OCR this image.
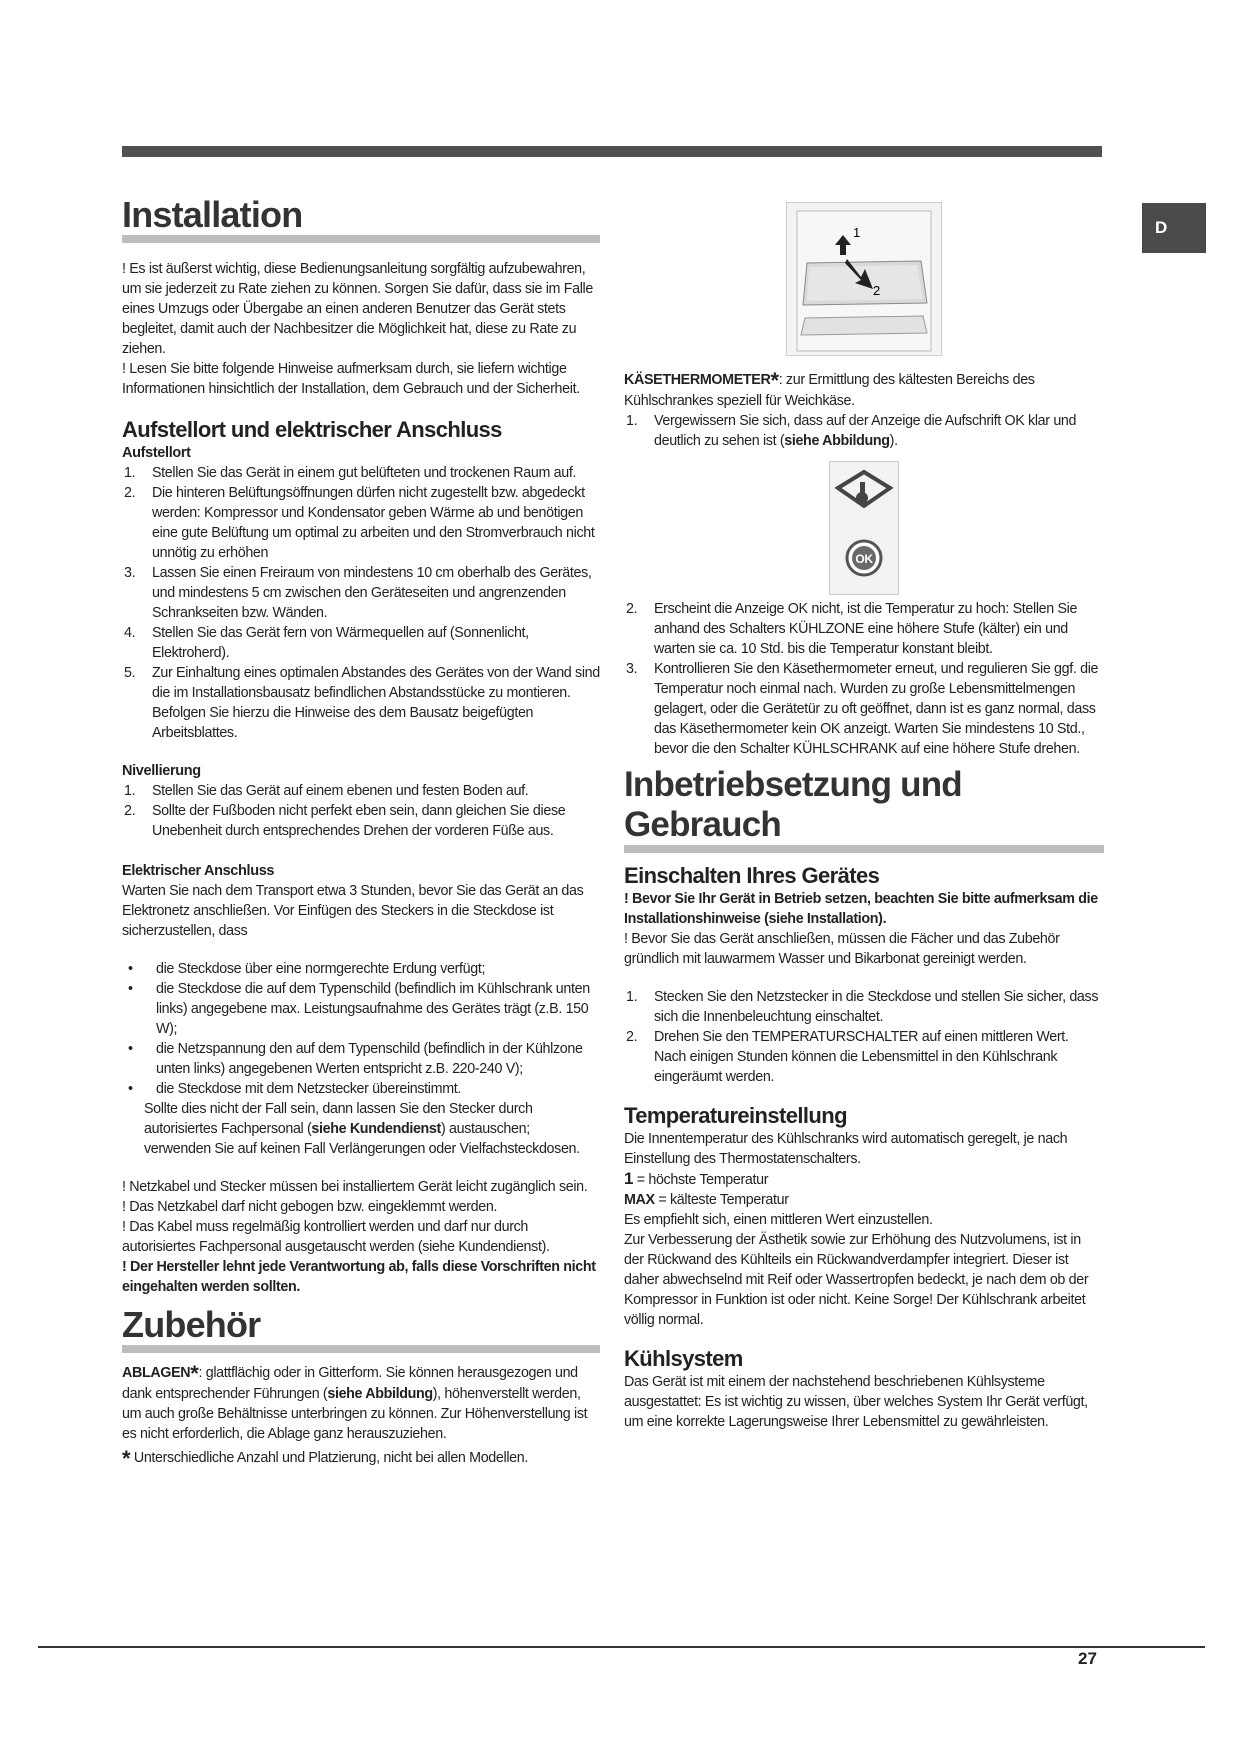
D
Installation

! Es ist äußerst wichtig, diese Bedienungsanleitung sorgfältig aufzubewahren, um sie jederzeit zu Rate ziehen zu können. Sorgen Sie dafür, dass sie im Falle eines Umzugs oder Übergabe an einen anderen Benutzer das Gerät stets begleitet, damit auch der Nachbesitzer die Möglichkeit hat, diese zu Rate zu ziehen.

! Lesen Sie bitte folgende Hinweise aufmerksam durch, sie liefern wichtige Informationen hinsichtlich der Installation, dem Gebrauch und der Sicherheit.

Aufstellort und elektrischer Anschluss

Aufstellort

1.	Stellen Sie das Gerät in einem gut belüfteten und trockenen Raum auf.
2.	Die hinteren Belüftungsöffnungen dürfen nicht zugestellt bzw. abgedeckt werden: Kompressor und Kondensator geben Wärme ab und benötigen eine gute Belüftung um optimal zu arbeiten und den Stromverbrauch nicht unnötig zu erhöhen
3.	Lassen Sie einen Freiraum von mindestens 10 cm oberhalb des Gerätes, und mindestens 5 cm zwischen den Geräteseiten und angrenzenden Schrankseiten bzw. Wänden.
4.	Stellen Sie das Gerät fern von Wärmequellen auf (Sonnenlicht, Elektroherd).
5.	Zur Einhaltung eines optimalen Abstandes des Gerätes von der Wand sind die im Installationsbausatz befindlichen Abstandsstücke zu montieren. Befolgen Sie hierzu die Hinweise des dem Bausatz beigefügten Arbeitsblattes.

Nivellierung

1.	Stellen Sie das Gerät auf einem ebenen und festen Boden auf.
2.	Sollte der Fußboden nicht perfekt eben sein, dann gleichen Sie diese Unebenheit durch entsprechendes Drehen der vorderen Füße aus.

Elektrischer Anschluss

Warten Sie nach dem Transport etwa 3 Stunden, bevor Sie das Gerät an das Elektronetz anschließen. Vor Einfügen des Steckers in die Steckdose ist sicherzustellen, dass

•	die Steckdose über eine normgerechte Erdung verfügt;
•	die Steckdose die auf dem Typenschild (befindlich im Kühlschrank unten links) angegebene max. Leistungsaufnahme des Gerätes trägt (z.B. 150 W);
•	die Netzspannung den auf dem Typenschild (befindlich in der Kühlzone unten links) angegebenen Werten entspricht z.B. 220-240 V);
•	die Steckdose mit dem Netzstecker übereinstimmt.

Sollte dies nicht der Fall sein, dann lassen Sie den Stecker durch autorisiertes Fachpersonal (siehe Kundendienst) austauschen; verwenden Sie auf keinen Fall Verlängerungen oder Vielfachsteckdosen.

! Netzkabel und Stecker müssen bei installiertem Gerät leicht zugänglich sein.

! Das Netzkabel darf nicht gebogen bzw. eingeklemmt werden.

! Das Kabel muss regelmäßig kontrolliert werden und darf nur durch autorisiertes Fachpersonal ausgetauscht werden (siehe Kundendienst).

! Der Hersteller lehnt jede Verantwortung ab, falls diese Vorschriften nicht eingehalten werden sollten.

Zubehör

ABLAGEN*: glattflächig oder in Gitterform. Sie können herausgezogen und dank entsprechender Führungen (siehe Abbildung), höhenverstellt werden, um auch große Behältnisse unterbringen zu können. Zur Höhenverstellung ist es nicht erforderlich, die Ablage ganz herauszuziehen.

* Unterschiedliche Anzahl und Platzierung, nicht bei allen Modellen.

1
2

KÄSETHERMOMETER*: zur Ermittlung des kältesten Bereichs des Kühlschrankes speziell für Weichkäse.

1.	Vergewissern Sie sich, dass auf der Anzeige die Aufschrift OK klar und deutlich zu sehen ist (siehe Abbildung).
OK
2.	Erscheint die Anzeige OK nicht, ist die Temperatur zu hoch: Stellen Sie anhand des Schalters KÜHLZONE eine höhere Stufe (kälter) ein und warten sie ca. 10 Std. bis die Temperatur konstant bleibt.
3.	Kontrollieren Sie den Käsethermometer erneut, und regulieren Sie ggf. die Temperatur noch einmal nach. Wurden zu große Lebensmittelmengen gelagert, oder die Gerätetür zu oft geöffnet, dann ist es ganz normal, dass das Käsethermometer kein OK anzeigt. Warten Sie mindestens 10 Std., bevor die den Schalter KÜHLSCHRANK auf eine höhere Stufe drehen.
Inbetriebsetzung und
Gebrauch
Einschalten Ihres Gerätes

! Bevor Sie Ihr Gerät in Betrieb setzen, beachten Sie bitte aufmerksam die Installationshinweise (siehe Installation).

! Bevor Sie das Gerät anschließen, müssen die Fächer und das Zubehör gründlich mit lauwarmem Wasser und Bikarbonat gereinigt werden.

1.	Stecken Sie den Netzstecker in die Steckdose und stellen Sie sicher, dass sich die Innenbeleuchtung einschaltet.
2.	Drehen Sie den TEMPERATURSCHALTER auf einen mittleren Wert. Nach einigen Stunden können die Lebensmittel in den Kühlschrank eingeräumt werden.
Temperatureinstellung

Die Innentemperatur des Kühlschranks wird automatisch geregelt, je nach Einstellung des Thermostatenschalters.

1 = höchste Temperatur

MAX = kälteste Temperatur

Es empfiehlt sich, einen mittleren Wert einzustellen.

Zur Verbesserung der Ästhetik sowie zur Erhöhung des Nutzvolumens, ist in der Rückwand des Kühlteils ein Rückwandverdampfer integriert. Dieser ist daher abwechselnd mit Reif oder Wassertropfen bedeckt, je nach dem ob der Kompressor in Funktion ist oder nicht. Keine Sorge! Der Kühlschrank arbeitet völlig normal.

Kühlsystem

Das Gerät ist mit einem der nachstehend beschriebenen Kühlsysteme ausgestattet: Es ist wichtig zu wissen, über welches System Ihr Gerät verfügt, um eine korrekte Lagerungsweise Ihrer Lebensmittel zu gewährleisten.

27
